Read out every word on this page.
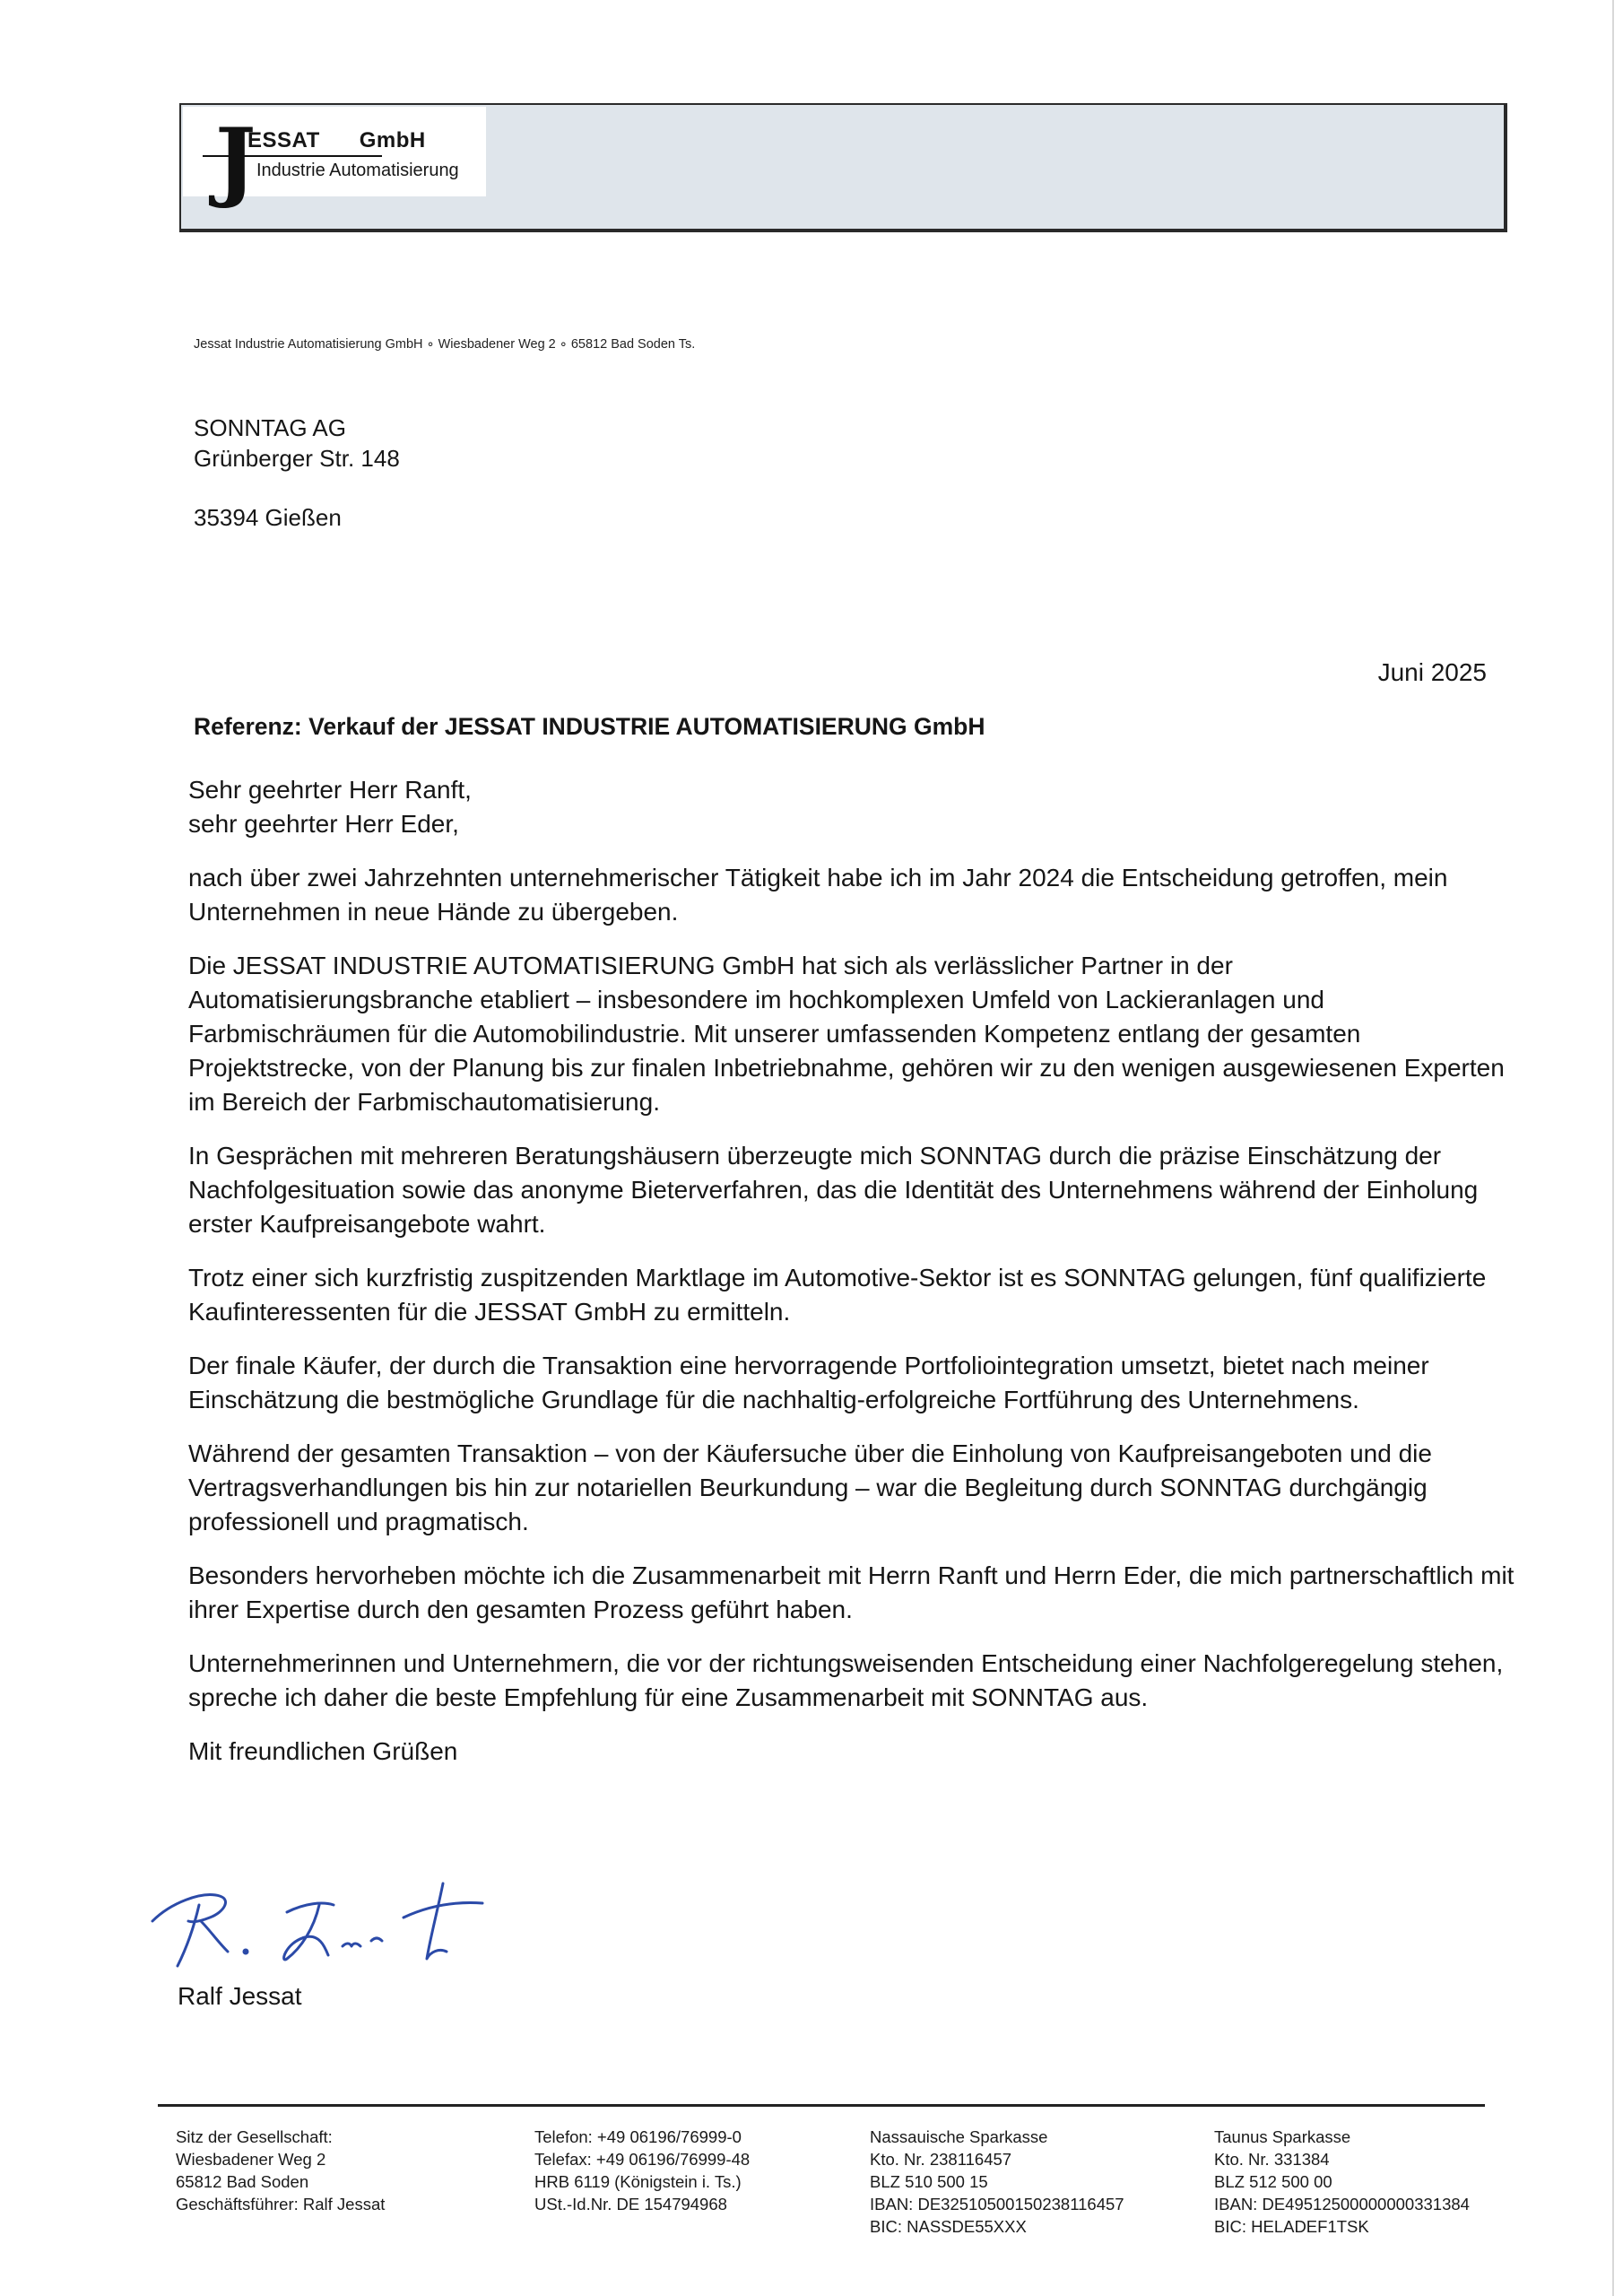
J
ESSAT GmbH
Industrie Automatisierung
Jessat Industrie Automatisierung GmbH ∘ Wiesbadener Weg 2 ∘ 65812 Bad Soden Ts.
SONNTAG AG
Grünberger Str. 148
35394 Gießen
Juni 2025
Referenz: Verkauf der JESSAT INDUSTRIE AUTOMATISIERUNG GmbH
Sehr geehrter Herr Ranft,
sehr geehrter Herr Eder,

nach über zwei Jahrzehnten unternehmerischer Tätigkeit habe ich im Jahr 2024 die Entscheidung getroffen, mein Unternehmen in neue Hände zu übergeben.

Die JESSAT INDUSTRIE AUTOMATISIERUNG GmbH hat sich als verlässlicher Partner in der Automatisierungsbranche etabliert – insbesondere im hochkomplexen Umfeld von Lackieranlagen und Farbmischräumen für die Automobilindustrie. Mit unserer umfassenden Kompetenz entlang der gesamten Projektstrecke, von der Planung bis zur finalen Inbetriebnahme, gehören wir zu den wenigen ausgewiesenen Experten im Bereich der Farbmischautomatisierung.

In Gesprächen mit mehreren Beratungshäusern überzeugte mich SONNTAG durch die präzise Einschätzung der Nachfolgesituation sowie das anonyme Bieterverfahren, das die Identität des Unternehmens während der Einholung erster Kaufpreisangebote wahrt.

Trotz einer sich kurzfristig zuspitzenden Marktlage im Automotive-Sektor ist es SONNTAG gelungen, fünf qualifizierte Kaufinteressenten für die JESSAT GmbH zu ermitteln.

Der finale Käufer, der durch die Transaktion eine hervorragende Portfoliointegration umsetzt, bietet nach meiner Einschätzung die bestmögliche Grundlage für die nachhaltig-erfolgreiche Fortführung des Unternehmens.

Während der gesamten Transaktion – von der Käufersuche über die Einholung von Kaufpreisangeboten und die Vertragsverhandlungen bis hin zur notariellen Beurkundung – war die Begleitung durch SONNTAG durchgängig professionell und pragmatisch.

Besonders hervorheben möchte ich die Zusammenarbeit mit Herrn Ranft und Herrn Eder, die mich partnerschaftlich mit ihrer Expertise durch den gesamten Prozess geführt haben.

Unternehmerinnen und Unternehmern, die vor der richtungsweisenden Entscheidung einer Nachfolgeregelung stehen, spreche ich daher die beste Empfehlung für eine Zusammenarbeit mit SONNTAG aus.

Mit freundlichen Grüßen
Ralf Jessat
Sitz der Gesellschaft:
Wiesbadener Weg 2
65812 Bad Soden
Geschäftsführer: Ralf Jessat
Telefon: +49 06196/76999-0
Telefax: +49 06196/76999-48
HRB 6119 (Königstein i. Ts.)
USt.-Id.Nr. DE 154794968
Nassauische Sparkasse
Kto. Nr. 238116457
BLZ 510 500 15
IBAN: DE32510500150238116457
BIC: NASSDE55XXX
Taunus Sparkasse
Kto. Nr. 331384
BLZ 512 500 00
IBAN: DE49512500000000331384
BIC: HELADEF1TSK
